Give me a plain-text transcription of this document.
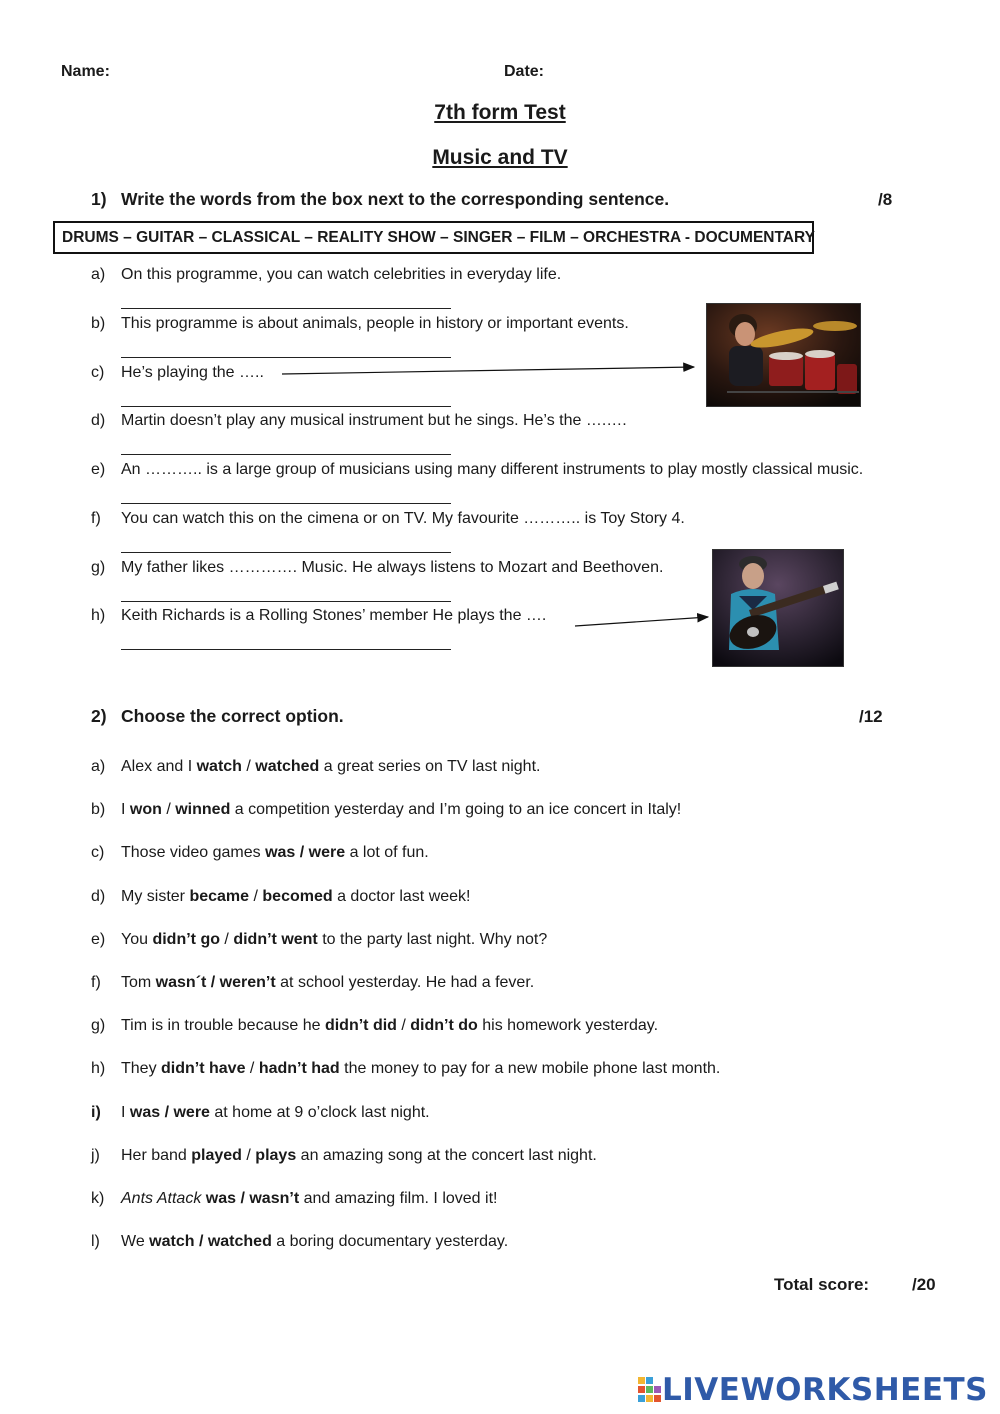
Name:	Date:
7th form Test
Music and TV
1) Write the words from the box next to the corresponding sentence.	/8
DRUMS – GUITAR – CLASSICAL – REALITY SHOW – SINGER – FILM – ORCHESTRA - DOCUMENTARY
a) On this programme, you can watch celebrities in everyday life.
b) This programme is about animals, people in history or important events.
c) He’s playing the …..
d) Martin doesn’t play any musical instrument but he sings. He’s the ….….
e) An ……….. is a large group of musicians using many different instruments to play mostly classical music.
f) You can watch this on the cimena or on TV. My favourite ……….. is Toy Story 4.
g) My father likes …………. Music. He always listens to Mozart and Beethoven.
h) Keith Richards is a Rolling Stones’ member He plays the ….
2) Choose the correct option.	/12
a) Alex and I watch / watched a great series on TV last night.
b) I won / winned a competition yesterday and I’m going to an ice concert in Italy!
c) Those video games was / were a lot of fun.
d) My sister became / becomed a doctor last week!
e) You didn’t go / didn’t went to the party last night. Why not?
f) Tom wasn´t / weren’t at school yesterday. He had a fever.
g) Tim is in trouble because he didn’t did / didn’t do his homework yesterday.
h) They didn’t have / hadn’t had the money to pay for a new mobile phone last month.
i) I was / were at home at 9 o’clock last night.
j) Her band played / plays an amazing song at the concert last night.
k) Ants Attack was / wasn’t and amazing film. I loved it!
l) We watch / watched a boring documentary yesterday.
Total score:	/20
LIVEWORKSHEETS
